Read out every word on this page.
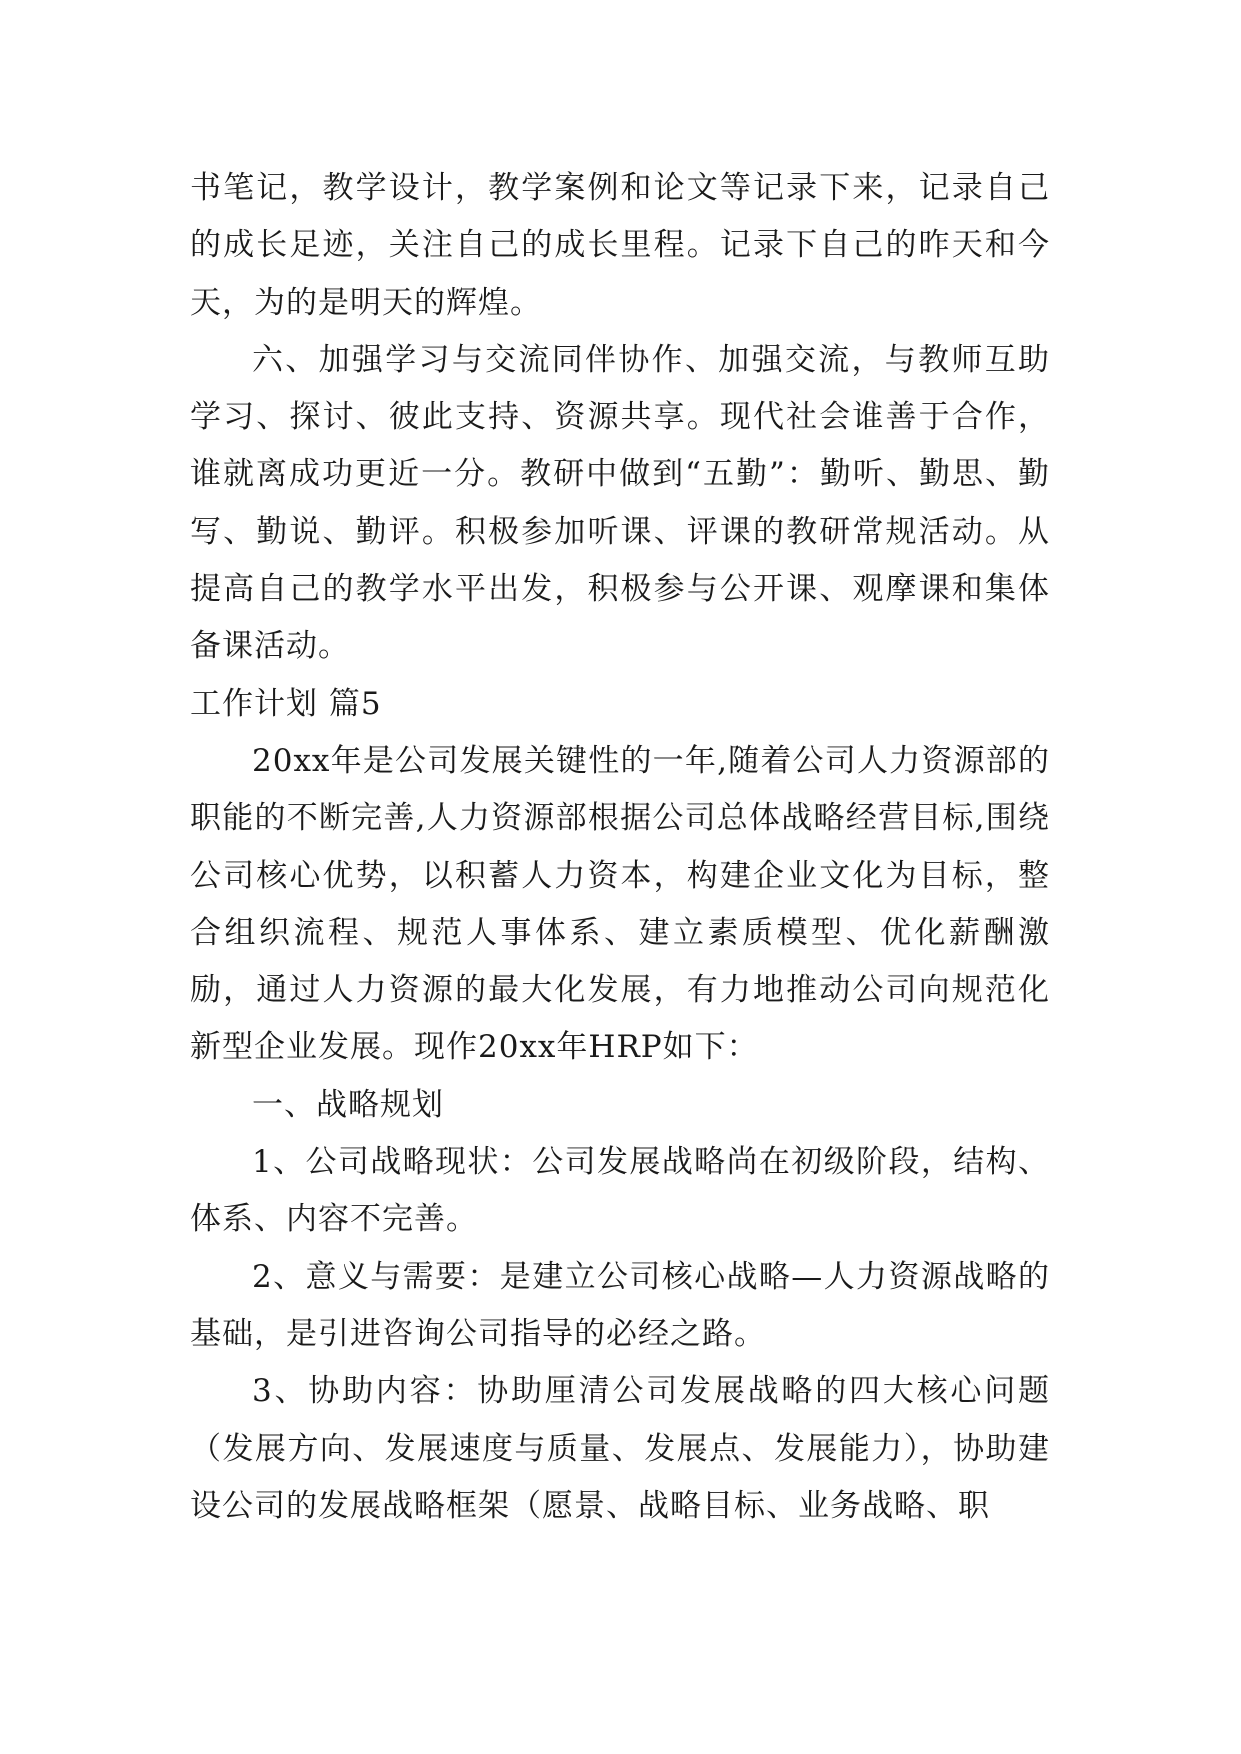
书笔记，教学设计，教学案例和论文等记录下来，记录自己的成长足迹，关注自己的成长里程。记录下自己的昨天和今天，为的是明天的辉煌。

六、加强学习与交流同伴协作、加强交流，与教师互助学习、探讨、彼此支持、资源共享。现代社会谁善于合作，谁就离成功更近一分。教研中做到“五勤”：勤听、勤思、勤写、勤说、勤评。积极参加听课、评课的教研常规活动。从提高自己的教学水平出发，积极参与公开课、观摩课和集体备课活动。

工作计划 篇5

20xx年是公司发展关键性的一年,随着公司人力资源部的职能的不断完善,人力资源部根据公司总体战略经营目标,围绕公司核心优势，以积蓄人力资本，构建企业文化为目标，整合组织流程、规范人事体系、建立素质模型、优化薪酬激励，通过人力资源的最大化发展，有力地推动公司向规范化新型企业发展。现作20xx年HRP如下：

一、战略规划

1、公司战略现状：公司发展战略尚在初级阶段，结构、体系、内容不完善。

2、意义与需要：是建立公司核心战略—人力资源战略的基础，是引进咨询公司指导的必经之路。

3、协助内容：协助厘清公司发展战略的四大核心问题（发展方向、发展速度与质量、发展点、发展能力），协助建设公司的发展战略框架（愿景、战略目标、业务战略、职
